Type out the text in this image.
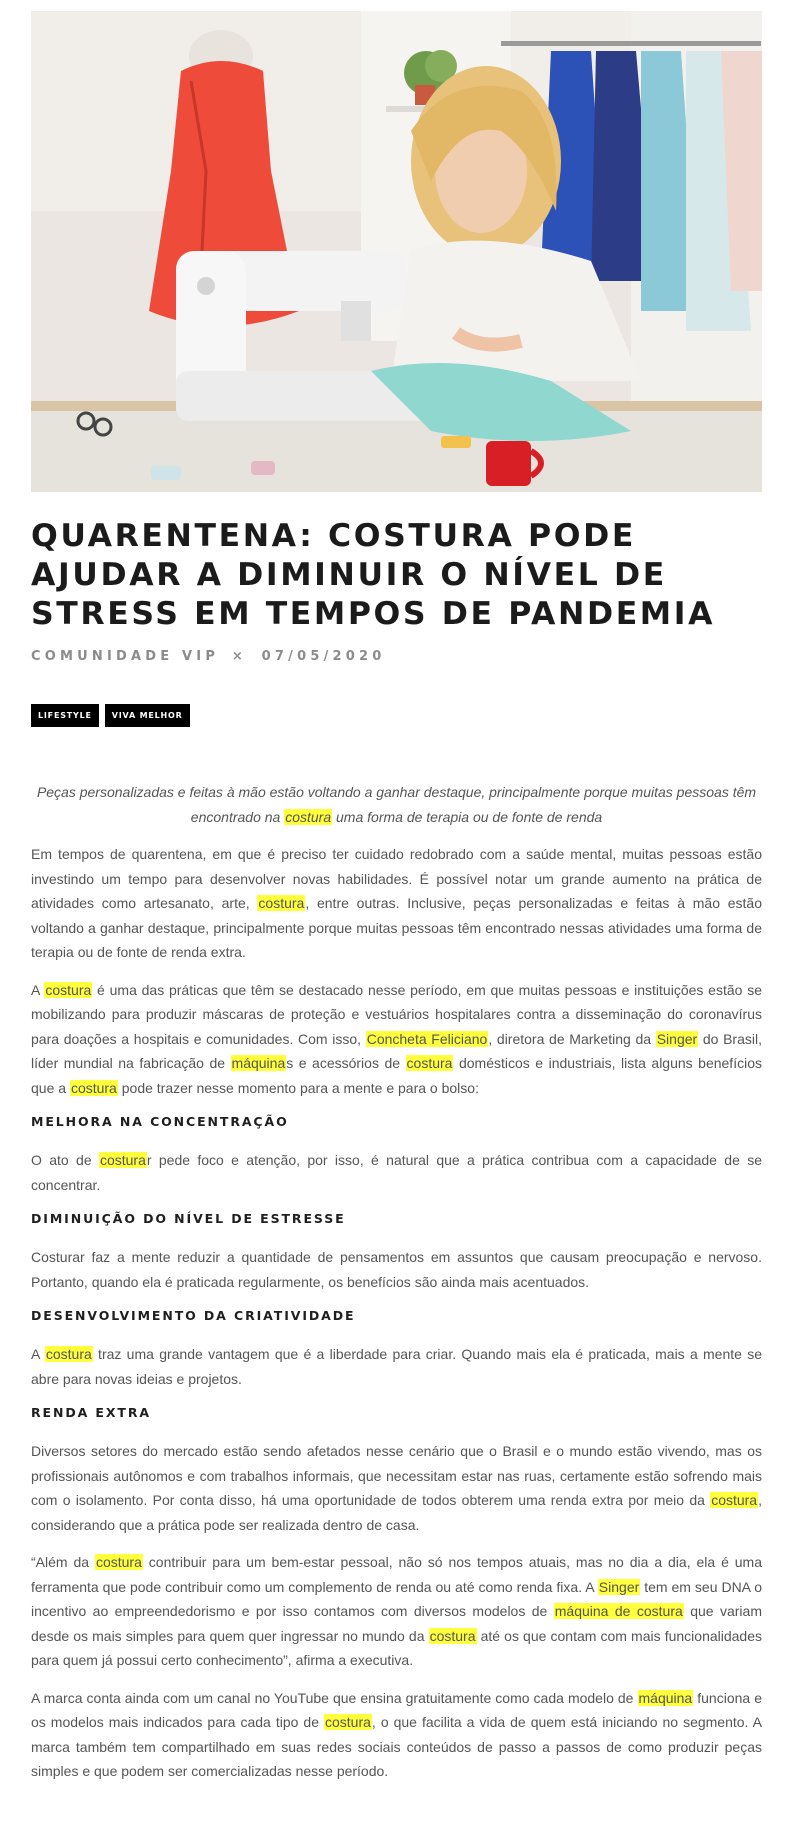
QUARENTENA: COSTURA PODE AJUDAR A DIMINUIR O NÍVEL DE STRESS EM TEMPOS DE PANDEMIA
COMUNIDADE VIP × 07/05/2020
LIFESTYLE	VIVA MELHOR

Peças personalizadas e feitas à mão estão voltando a ganhar destaque, principalmente porque muitas pessoas têm encontrado na costura uma forma de terapia ou de fonte de renda

Em tempos de quarentena, em que é preciso ter cuidado redobrado com a saúde mental, muitas pessoas estão investindo um tempo para desenvolver novas habilidades. É possível notar um grande aumento na prática de atividades como artesanato, arte, costura, entre outras. Inclusive, peças personalizadas e feitas à mão estão voltando a ganhar destaque, principalmente porque muitas pessoas têm encontrado nessas atividades uma forma de terapia ou de fonte de renda extra.

A costura é uma das práticas que têm se destacado nesse período, em que muitas pessoas e instituições estão se mobilizando para produzir máscaras de proteção e vestuários hospitalares contra a disseminação do coronavírus para doações a hospitais e comunidades. Com isso, Concheta Feliciano, diretora de Marketing da Singer do Brasil, líder mundial na fabricação de máquinas e acessórios de costura domésticos e industriais, lista alguns benefícios que a costura pode trazer nesse momento para a mente e para o bolso:

MELHORA NA CONCENTRAÇÃO

O ato de costurar pede foco e atenção, por isso, é natural que a prática contribua com a capacidade de se concentrar.

DIMINUIÇÃO DO NÍVEL DE ESTRESSE

Costurar faz a mente reduzir a quantidade de pensamentos em assuntos que causam preocupação e nervoso. Portanto, quando ela é praticada regularmente, os benefícios são ainda mais acentuados.

DESENVOLVIMENTO DA CRIATIVIDADE

A costura traz uma grande vantagem que é a liberdade para criar. Quando mais ela é praticada, mais a mente se abre para novas ideias e projetos.

RENDA EXTRA

Diversos setores do mercado estão sendo afetados nesse cenário que o Brasil e o mundo estão vivendo, mas os profissionais autônomos e com trabalhos informais, que necessitam estar nas ruas, certamente estão sofrendo mais com o isolamento. Por conta disso, há uma oportunidade de todos obterem uma renda extra por meio da costura, considerando que a prática pode ser realizada dentro de casa.

“Além da costura contribuir para um bem-estar pessoal, não só nos tempos atuais, mas no dia a dia, ela é uma ferramenta que pode contribuir como um complemento de renda ou até como renda fixa. A Singer tem em seu DNA o incentivo ao empreendedorismo e por isso contamos com diversos modelos de máquina de costura que variam desde os mais simples para quem quer ingressar no mundo da costura até os que contam com mais funcionalidades para quem já possui certo conhecimento”, afirma a executiva.

A marca conta ainda com um canal no YouTube que ensina gratuitamente como cada modelo de máquina funciona e os modelos mais indicados para cada tipo de costura, o que facilita a vida de quem está iniciando no segmento. A marca também tem compartilhado em suas redes sociais conteúdos de passo a passos de como produzir peças simples e que podem ser comercializadas nesse período.
